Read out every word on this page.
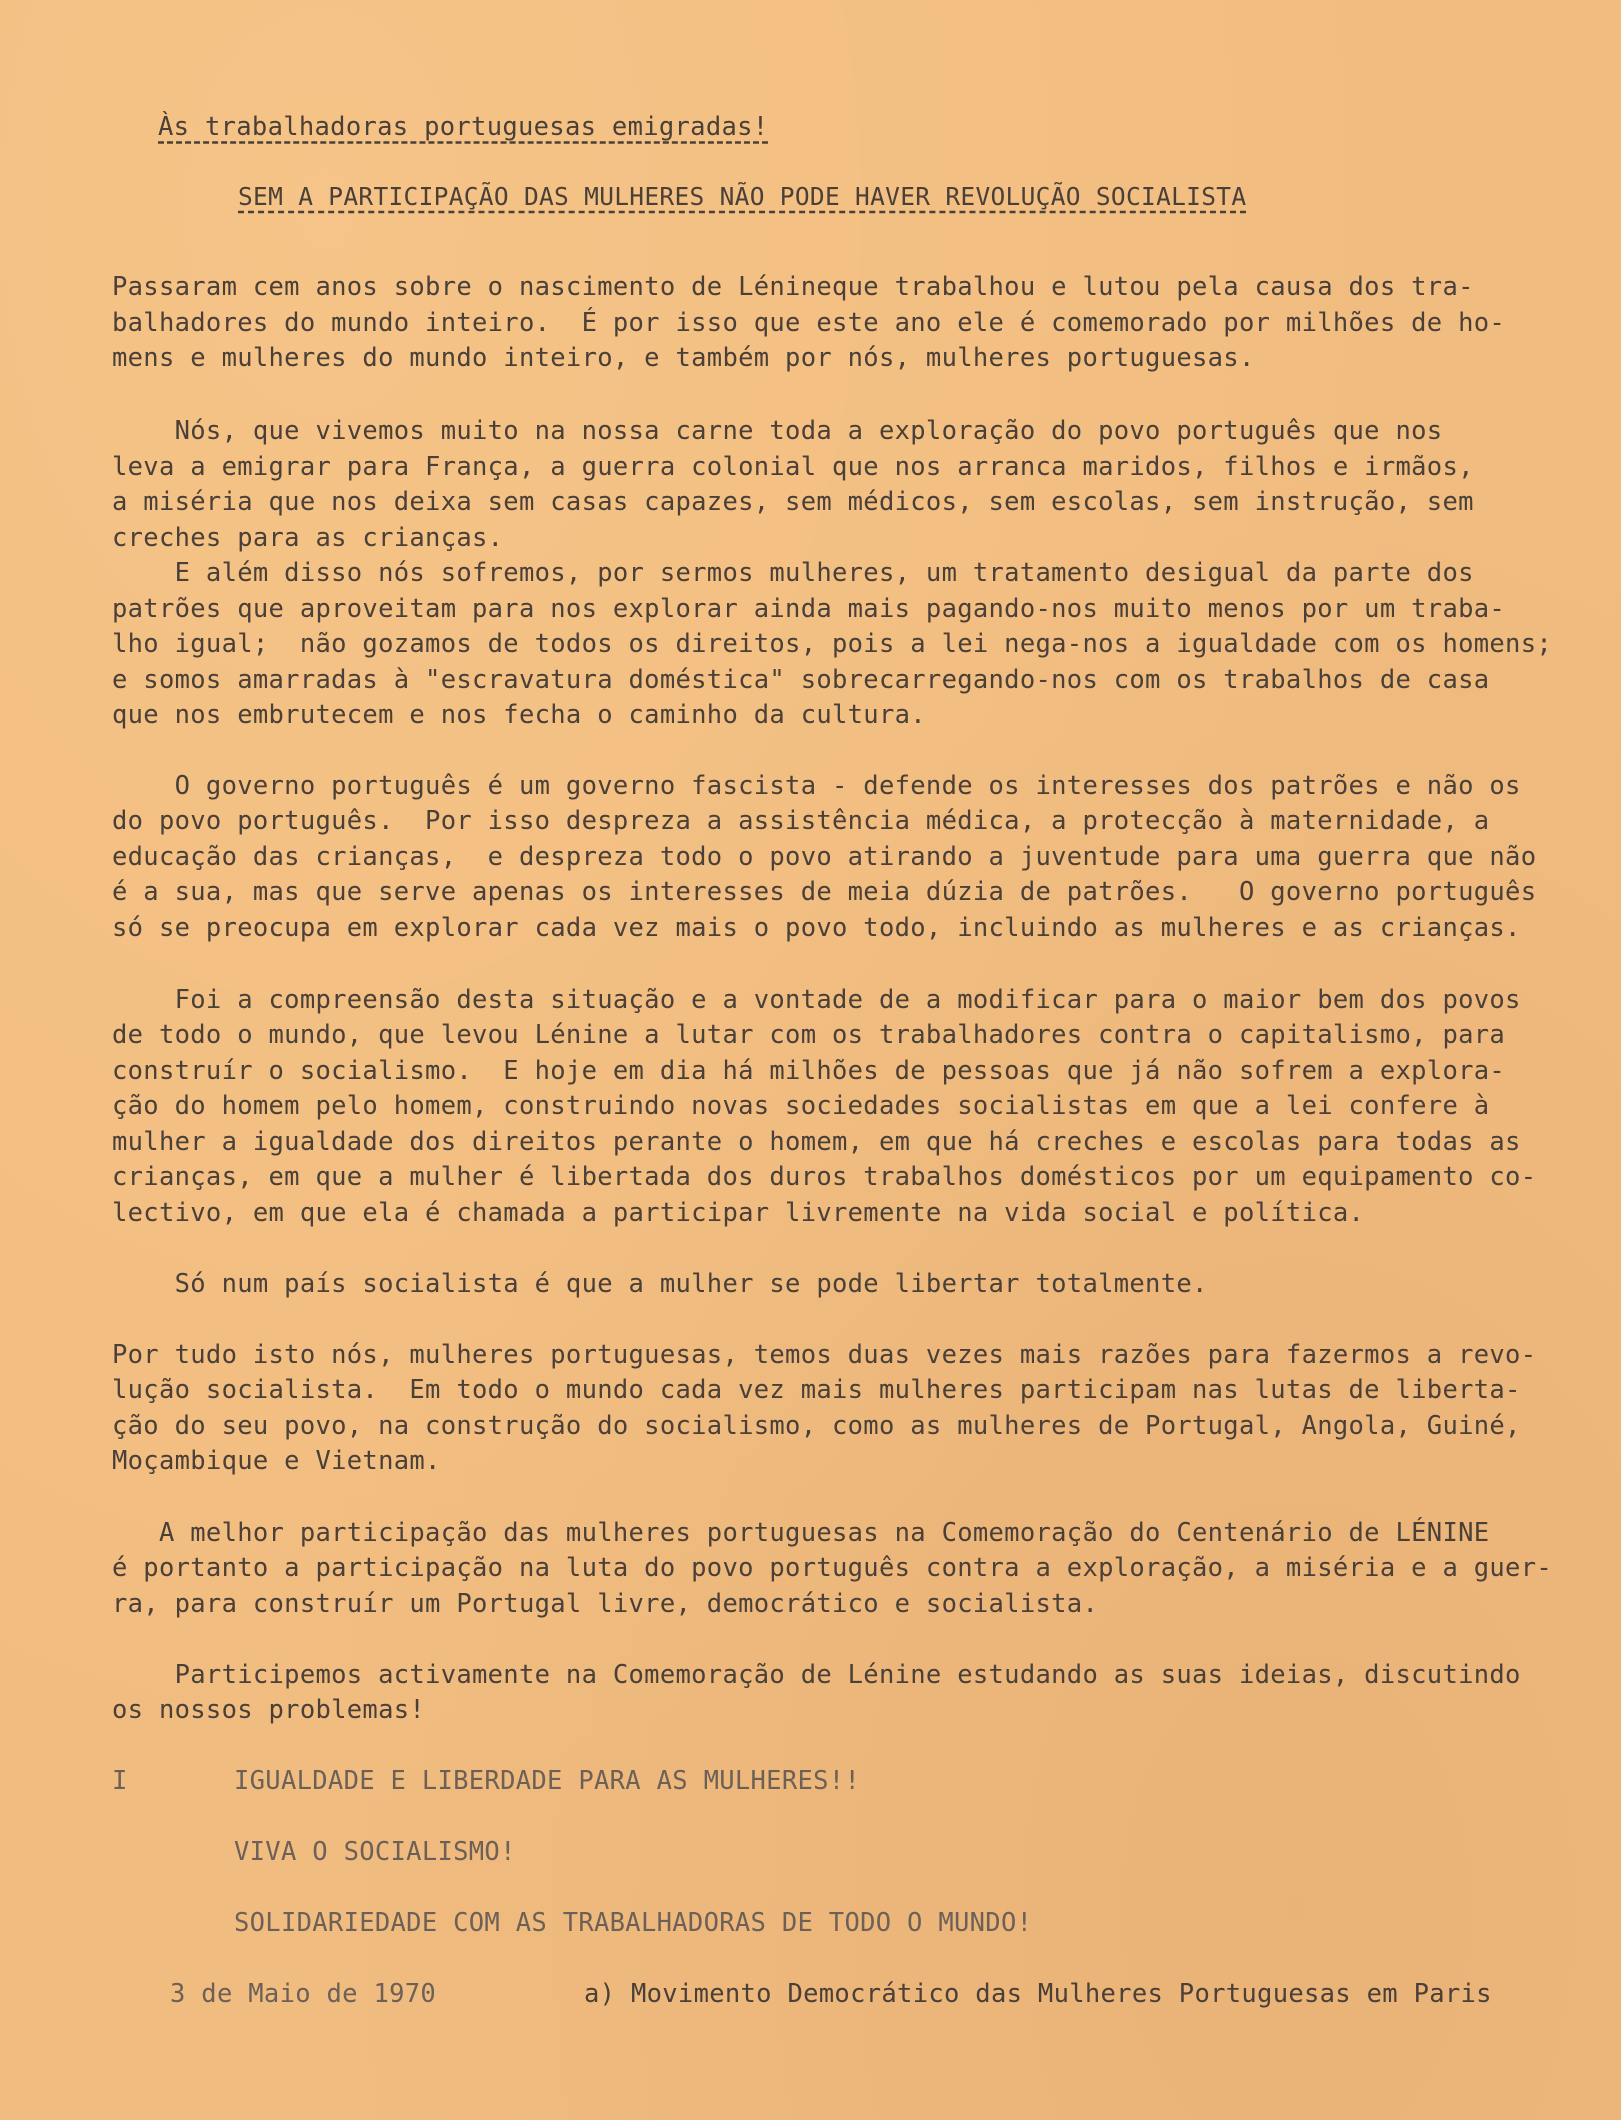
Às trabalhadoras portuguesas emigradas!
SEM A PARTICIPAÇÃO DAS MULHERES NÃO PODE HAVER REVOLUÇÃO SOCIALISTA
Passaram cem anos sobre o nascimento de Lénineque trabalhou e lutou pela causa dos tra-
balhadores do mundo inteiro.  É por isso que este ano ele é comemorado por milhões de ho-
mens e mulheres do mundo inteiro, e também por nós, mulheres portuguesas.
Nós, que vivemos muito na nossa carne toda a exploração do povo português que nos
leva a emigrar para França, a guerra colonial que nos arranca maridos, filhos e irmãos,
a miséria que nos deixa sem casas capazes, sem médicos, sem escolas, sem instrução, sem
creches para as crianças.
E além disso nós sofremos, por sermos mulheres, um tratamento desigual da parte dos
patrões que aproveitam para nos explorar ainda mais pagando-nos muito menos por um traba-
lho igual;  não gozamos de todos os direitos, pois a lei nega-nos a igualdade com os homens;
e somos amarradas à "escravatura doméstica" sobrecarregando-nos com os trabalhos de casa
que nos embrutecem e nos fecha o caminho da cultura.
O governo português é um governo fascista - defende os interesses dos patrões e não os
do povo português.  Por isso despreza a assistência médica, a protecção à maternidade, a
educação das crianças,  e despreza todo o povo atirando a juventude para uma guerra que não
é a sua, mas que serve apenas os interesses de meia dúzia de patrões.   O governo português
só se preocupa em explorar cada vez mais o povo todo, incluindo as mulheres e as crianças.
Foi a compreensão desta situação e a vontade de a modificar para o maior bem dos povos
de todo o mundo, que levou Lénine a lutar com os trabalhadores contra o capitalismo, para
construír o socialismo.  E hoje em dia há milhões de pessoas que já não sofrem a explora-
ção do homem pelo homem, construindo novas sociedades socialistas em que a lei confere à
mulher a igualdade dos direitos perante o homem, em que há creches e escolas para todas as
crianças, em que a mulher é libertada dos duros trabalhos domésticos por um equipamento co-
lectivo, em que ela é chamada a participar livremente na vida social e política.
Só num país socialista é que a mulher se pode libertar totalmente.
Por tudo isto nós, mulheres portuguesas, temos duas vezes mais razões para fazermos a revo-
lução socialista.  Em todo o mundo cada vez mais mulheres participam nas lutas de liberta-
ção do seu povo, na construção do socialismo, como as mulheres de Portugal, Angola, Guiné,
Moçambique e Vietnam.
A melhor participação das mulheres portuguesas na Comemoração do Centenário de LÉNINE
é portanto a participação na luta do povo português contra a exploração, a miséria e a guer-
ra, para construír um Portugal livre, democrático e socialista.
Participemos activamente na Comemoração de Lénine estudando as suas ideias, discutindo
os nossos problemas!
I	IGUALDADE E LIBERDADE PARA AS MULHERES!!
VIVA O SOCIALISMO!
SOLIDARIEDADE COM AS TRABALHADORAS DE TODO O MUNDO!
3 de Maio de 1970	a) Movimento Democrático das Mulheres Portuguesas em Paris
